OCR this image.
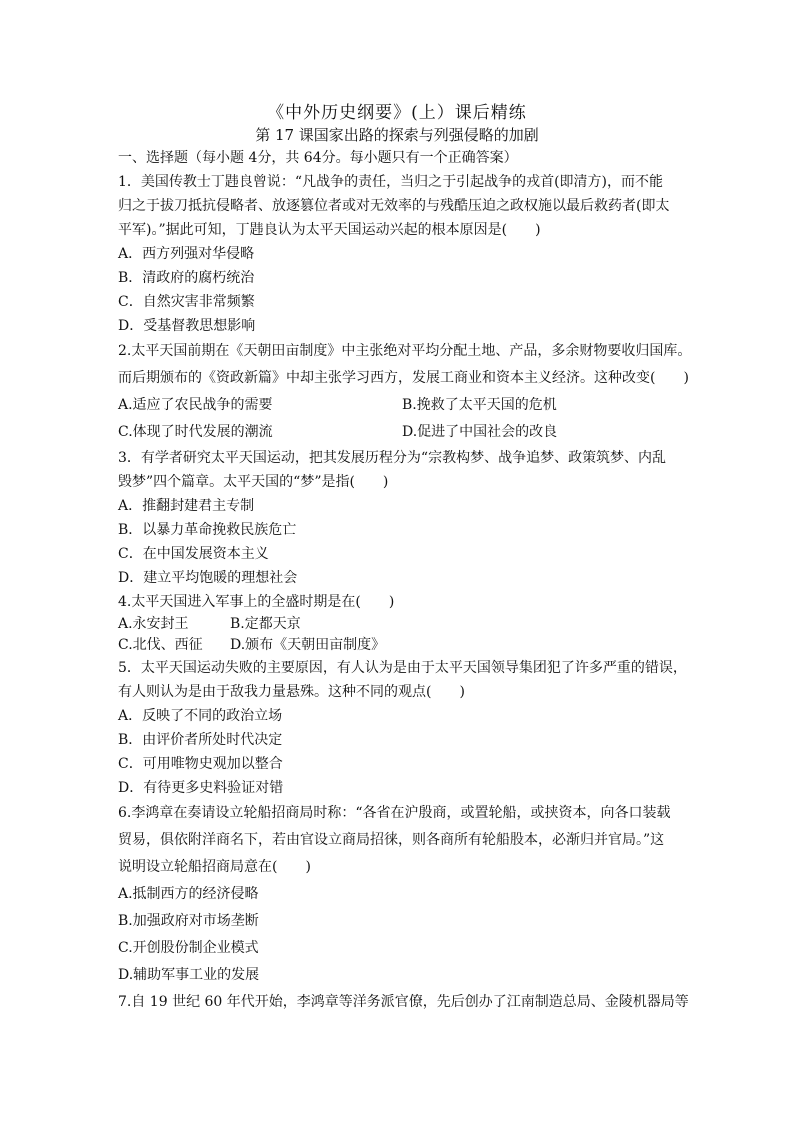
《中外历史纲要》(上）课后精练
第 17 课国家出路的探索与列强侵略的加剧
一、选择题（每小题 4分，共 64分。每小题只有一个正确答案）
1．美国传教士丁韪良曾说：“凡战争的责任，当归之于引起战争的戎首(即清方)，而不能
归之于拔刀抵抗侵略者、放逐篡位者或对无效率的与残酷压迫之政权施以最后救药者(即太
平军)。”据此可知，丁韪良认为太平天国运动兴起的根本原因是(　　)
A．西方列强对华侵略
B．清政府的腐朽统治
C．自然灾害非常频繁
D．受基督教思想影响
2.太平天国前期在《天朝田亩制度》中主张绝对平均分配土地、产品，多余财物要收归国库。
而后期颁布的《资政新篇》中却主张学习西方，发展工商业和资本主义经济。这种改变(　　)
A.适应了农民战争的需要	B.挽救了太平天国的危机
C.体现了时代发展的潮流	D.促进了中国社会的改良
3．有学者研究太平天国运动，把其发展历程分为“宗教构梦、战争追梦、政策筑梦、内乱
毁梦”四个篇章。太平天国的“梦”是指(　　)
A．推翻封建君主专制
B．以暴力革命挽救民族危亡
C．在中国发展资本主义
D．建立平均饱暖的理想社会
4.太平天国进入军事上的全盛时期是在(　　)
A.永安封王	B.定都天京
C.北伐、西征	D.颁布《天朝田亩制度》
5．太平天国运动失败的主要原因，有人认为是由于太平天国领导集团犯了许多严重的错误，
有人则认为是由于敌我力量悬殊。这种不同的观点(　　)
A．反映了不同的政治立场
B．由评价者所处时代决定
C．可用唯物史观加以整合
D．有待更多史料验证对错
6.李鸿章在奏请设立轮船招商局时称：“各省在沪殷商，或置轮船，或挟资本，向各口装载
贸易，俱依附洋商名下，若由官设立商局招徕，则各商所有轮船股本，必渐归并官局。”这
说明设立轮船招商局意在(　　)
A.抵制西方的经济侵略
B.加强政府对市场垄断
C.开创股份制企业模式
D.辅助军事工业的发展
7.自 19 世纪 60 年代开始，李鸿章等洋务派官僚，先后创办了江南制造总局、金陵机器局等
